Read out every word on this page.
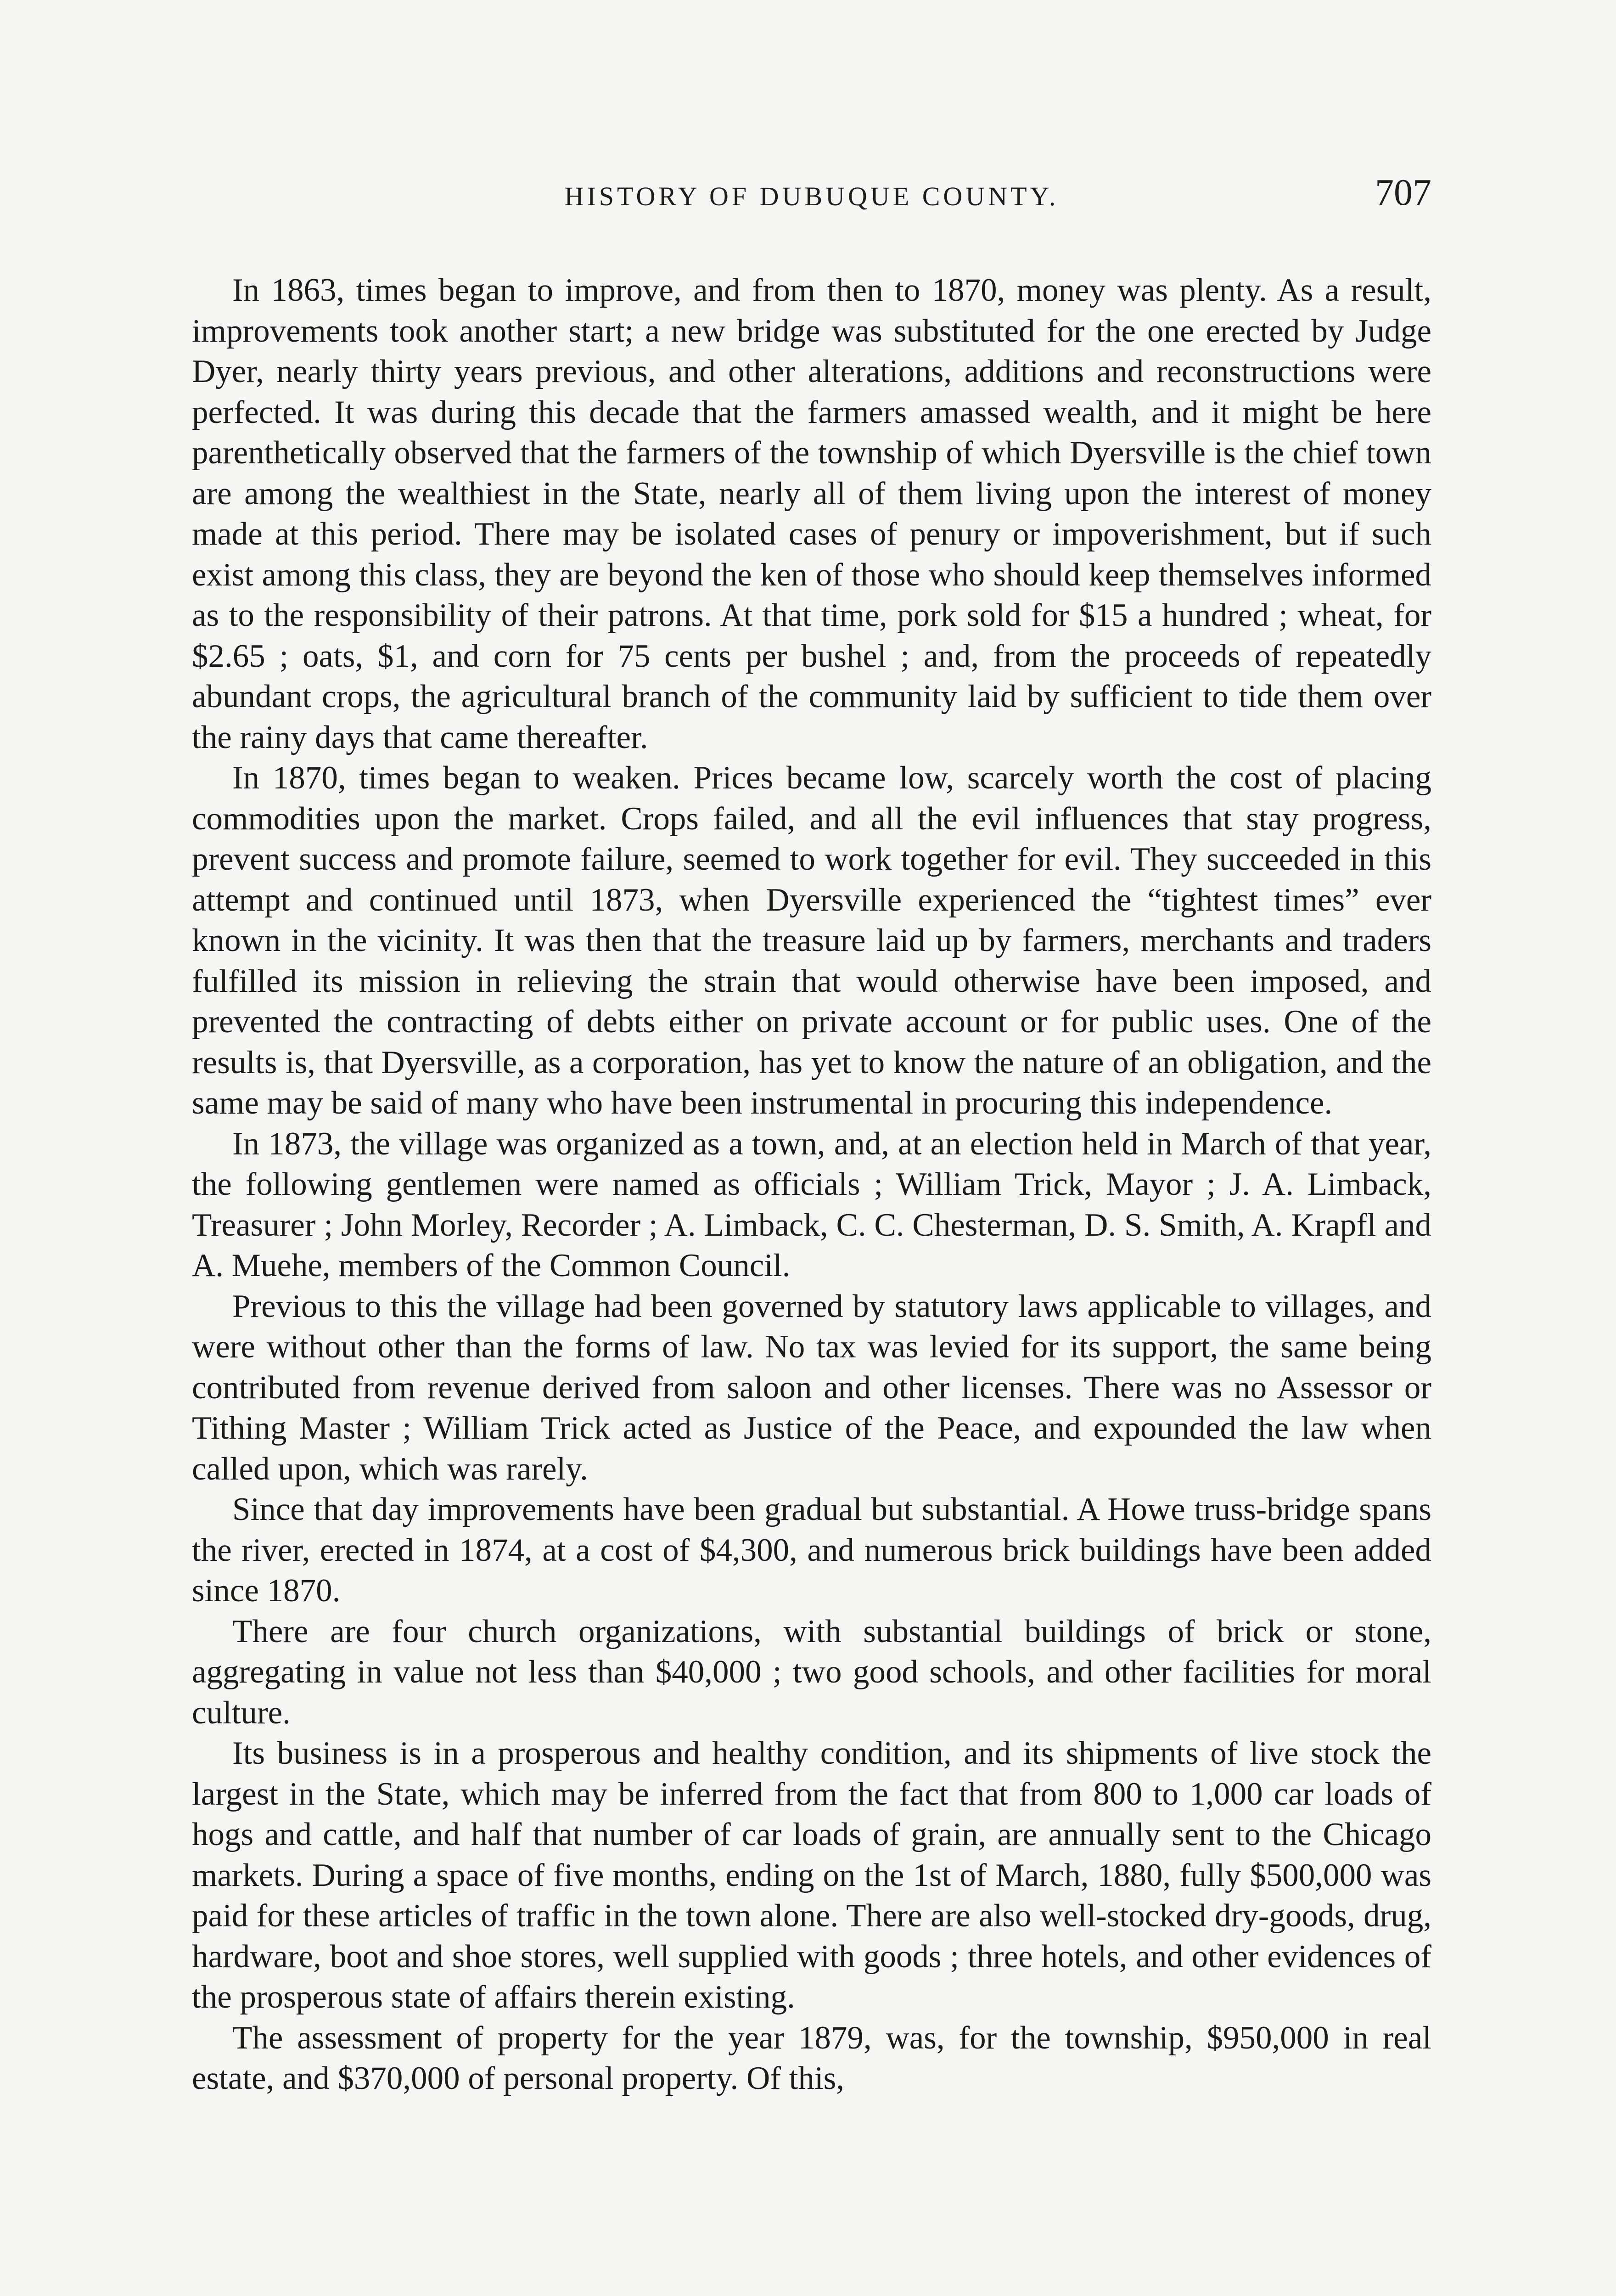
HISTORY OF DUBUQUE COUNTY.	707

In 1863, times began to improve, and from then to 1870, money was plenty. As a result, improvements took another start; a new bridge was substituted for the one erected by Judge Dyer, nearly thirty years previous, and other alterations, additions and reconstructions were perfected. It was during this decade that the farmers amassed wealth, and it might be here parenthetically observed that the farmers of the township of which Dyersville is the chief town are among the wealthiest in the State, nearly all of them living upon the interest of money made at this period. There may be isolated cases of penury or impoverishment, but if such exist among this class, they are beyond the ken of those who should keep themselves informed as to the responsibility of their patrons. At that time, pork sold for $15 a hundred ; wheat, for $2.65 ; oats, $1, and corn for 75 cents per bushel ; and, from the proceeds of repeatedly abundant crops, the agricultural branch of the community laid by sufficient to tide them over the rainy days that came thereafter.

In 1870, times began to weaken. Prices became low, scarcely worth the cost of placing commodities upon the market. Crops failed, and all the evil influences that stay progress, prevent success and promote failure, seemed to work together for evil. They succeeded in this attempt and continued until 1873, when Dyersville experienced the “tightest times” ever known in the vicinity. It was then that the treasure laid up by farmers, merchants and traders fulfilled its mission in relieving the strain that would otherwise have been imposed, and prevented the contracting of debts either on private account or for public uses. One of the results is, that Dyersville, as a corporation, has yet to know the nature of an obligation, and the same may be said of many who have been instrumental in procuring this independence.

In 1873, the village was organized as a town, and, at an election held in March of that year, the following gentlemen were named as officials ; William Trick, Mayor ; J. A. Limback, Treasurer ; John Morley, Recorder ; A. Limback, C. C. Chesterman, D. S. Smith, A. Krapfl and A. Muehe, members of the Common Council.

Previous to this the village had been governed by statutory laws applicable to villages, and were without other than the forms of law. No tax was levied for its support, the same being contributed from revenue derived from saloon and other licenses. There was no Assessor or Tithing Master ; William Trick acted as Justice of the Peace, and expounded the law when called upon, which was rarely.

Since that day improvements have been gradual but substantial. A Howe truss-bridge spans the river, erected in 1874, at a cost of $4,300, and numerous brick buildings have been added since 1870.

There are four church organizations, with substantial buildings of brick or stone, aggregating in value not less than $40,000 ; two good schools, and other facilities for moral culture.

Its business is in a prosperous and healthy condition, and its shipments of live stock the largest in the State, which may be inferred from the fact that from 800 to 1,000 car loads of hogs and cattle, and half that number of car loads of grain, are annually sent to the Chicago markets. During a space of five months, ending on the 1st of March, 1880, fully $500,000 was paid for these articles of traffic in the town alone. There are also well-stocked dry-goods, drug, hardware, boot and shoe stores, well supplied with goods ; three hotels, and other evidences of the prosperous state of affairs therein existing.

The assessment of property for the year 1879, was, for the township, $950,000 in real estate, and $370,000 of personal property. Of this,
